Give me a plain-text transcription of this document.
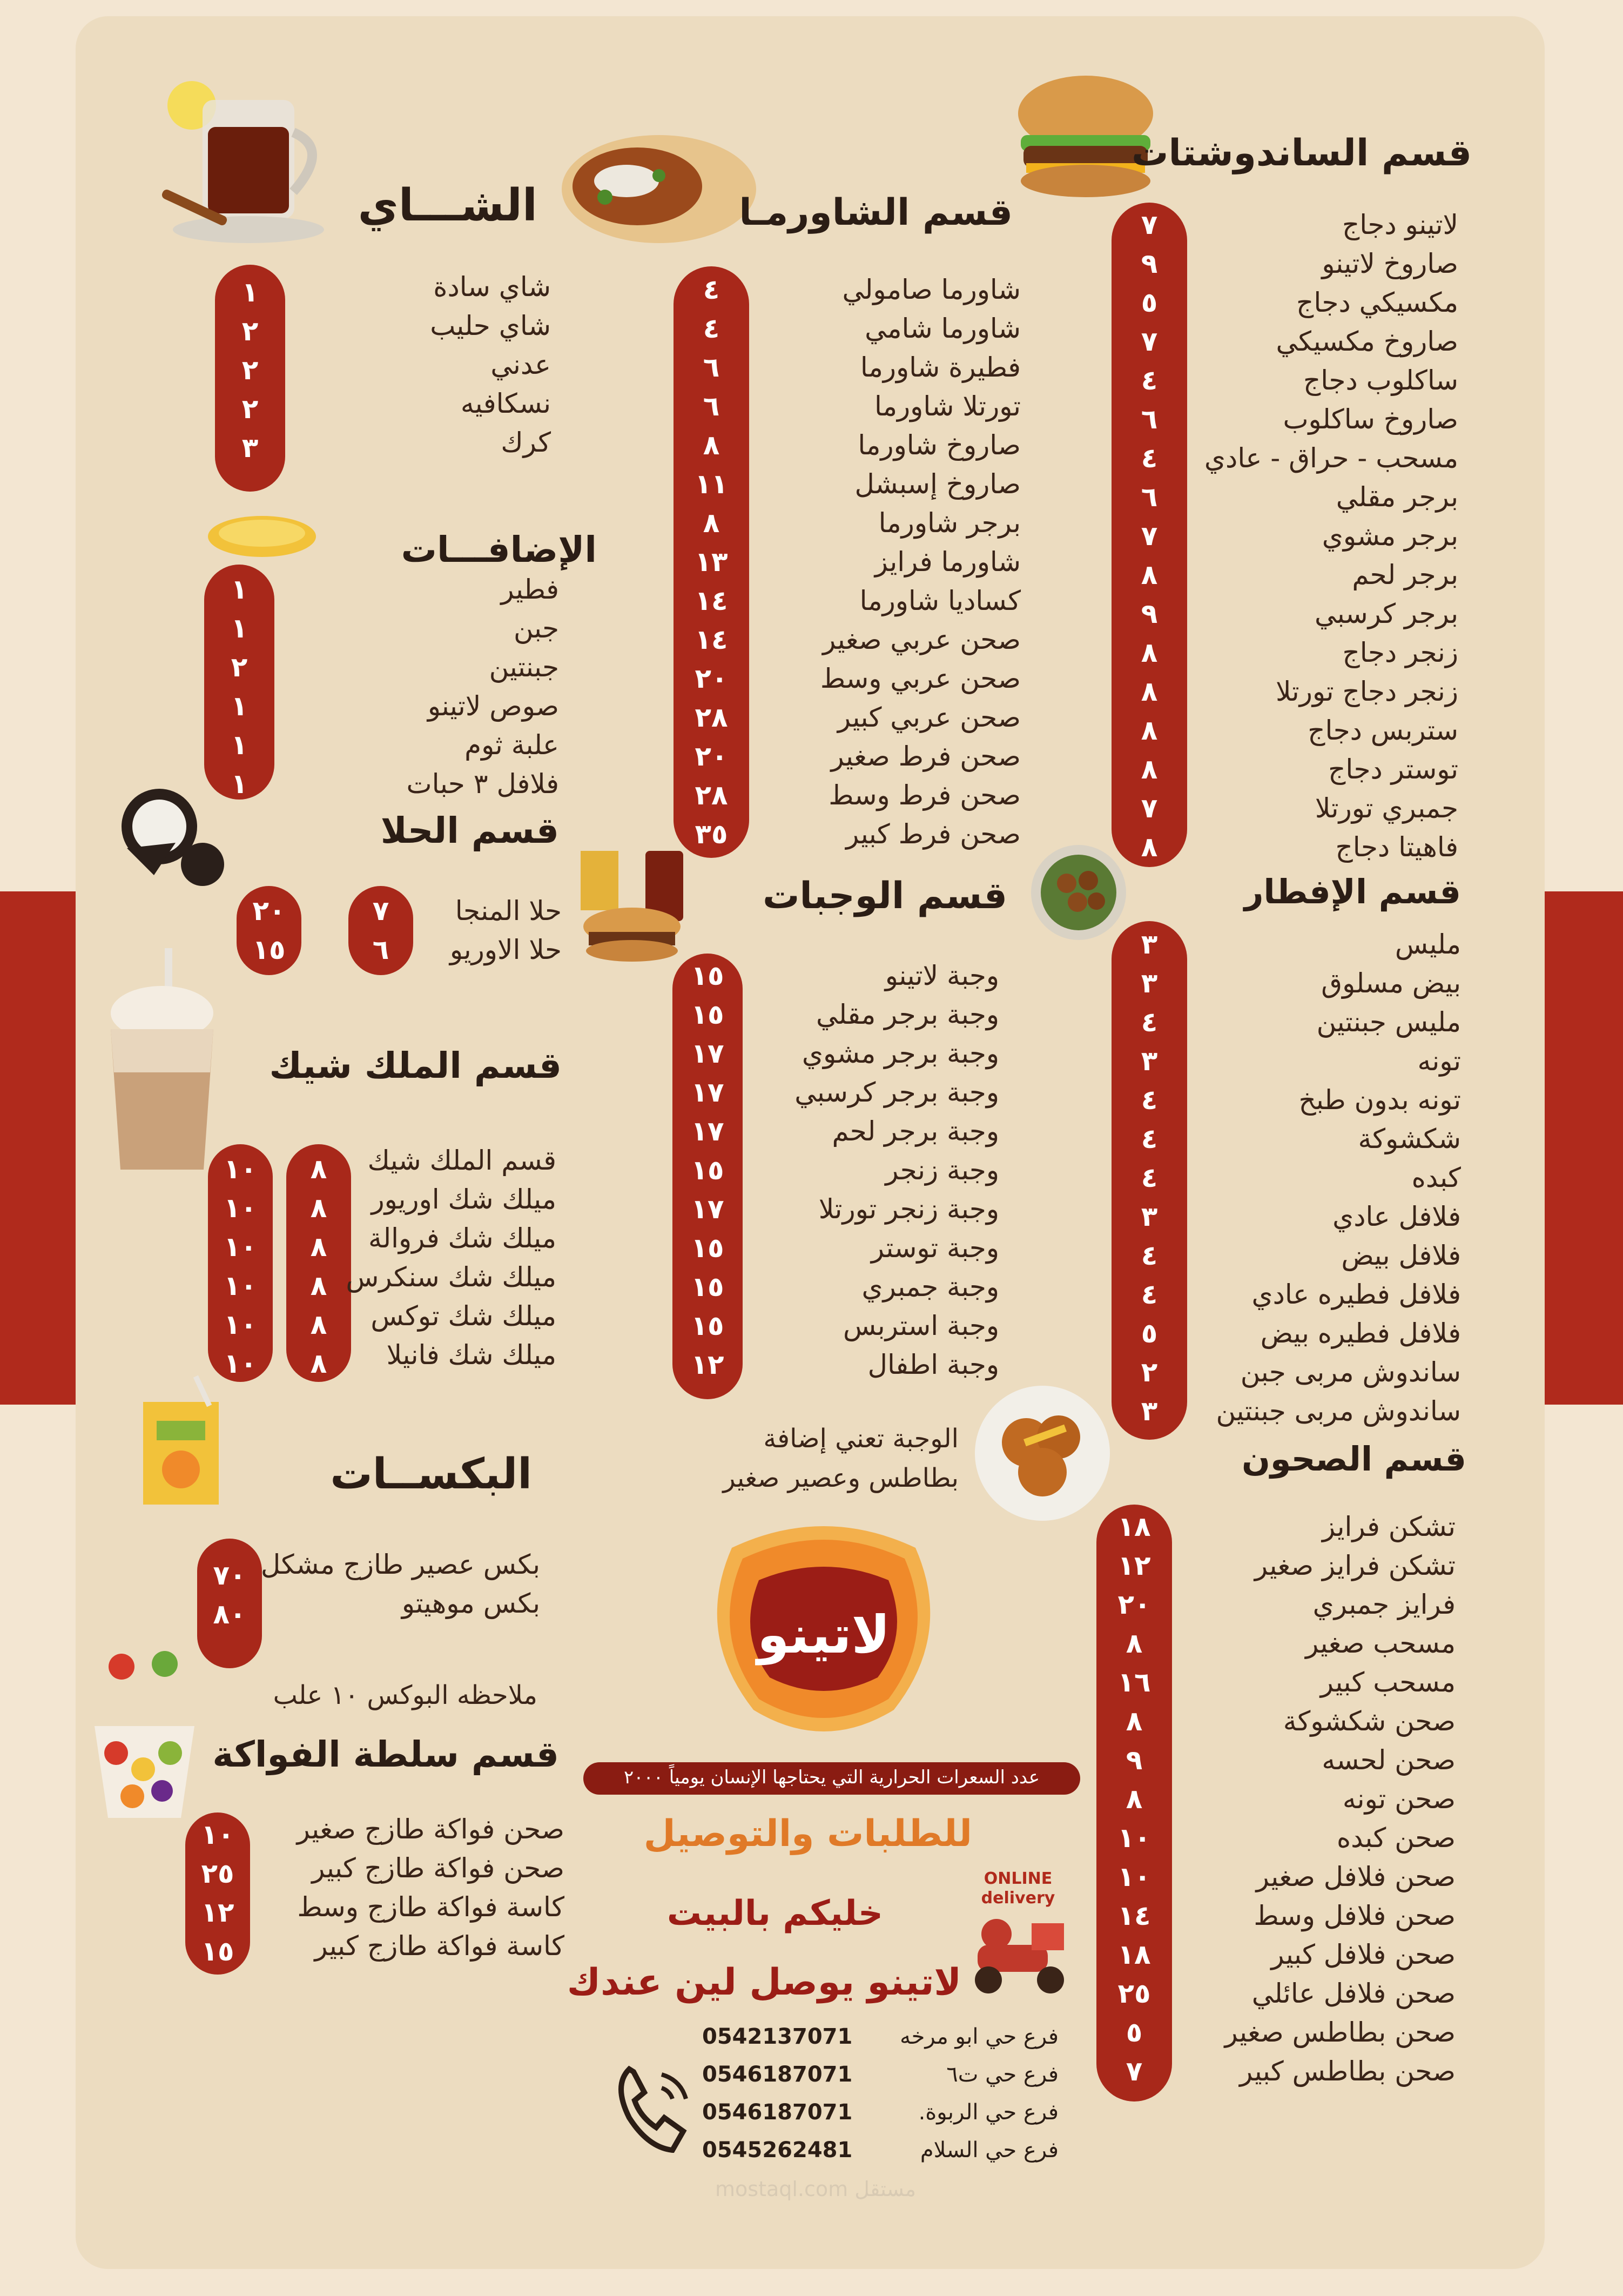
قسم الساندوشتات
٧
٩
٥
٧
٤
٦
٤
٦
٧
٨
٩
٨
٨
٨
٨
٧
٨
لاتينو دجاج
صاروخ لاتينو
مكسيكي دجاج
صاروخ مكسيكي
ساكلوب دجاج
صاروخ ساكلوب
مسحب - حراق - عادي
برجر مقلي
برجر مشوي
برجر لحم
برجر كرسبي
زنجر دجاج
زنجر دجاج تورتلا
ستربس دجاج
توستر دجاج
جمبري تورتلا
فاهيتا دجاج
قسم الإفطار
٣
٣
٤
٣
٤
٤
٤
٣
٤
٤
٥
٢
٣
مليس
بيض مسلوق
مليس جبنتين
تونه
تونه بدون طبخ
شكشوكة
كبده
فلافل عادي
فلافل بيض
فلافل فطيره عادي
فلافل فطيره بيض
ساندوش مربى جبن
ساندوش مربى جبنتين
قسم الصحون
١٨
١٢
٢٠
٨
١٦
٨
٩
٨
١٠
١٠
١٤
١٨
٢٥
٥
٧
تشكن فرايز
تشكن فرايز صغير
فرايز جمبري
مسحب صغير
مسحب كبير
صحن شكشوكة
صحن لحسه
صحن تونه
صحن كبده
صحن فلافل صغير
صحن فلافل وسط
صحن فلافل كبير
صحن فلافل عائلي
صحن بطاطس صغير
صحن بطاطس كبير
قسم الشاورمـا
٤
٤
٦
٦
٨
١١
٨
١٣
١٤
١٤
٢٠
٢٨
٢٠
٢٨
٣٥
شاورما صامولي
شاورما شامي
فطيرة شاورما
تورتلا شاورما
صاروخ شاورما
صاروخ إسبشل
برجر شاورما
شاورما فرايز
كساديا شاورما
صحن عربي صغير
صحن عربي وسط
صحن عربي كبير
صحن فرط صغير
صحن فرط وسط
صحن فرط كبير
قسم الوجبات
١٥
١٥
١٧
١٧
١٧
١٥
١٧
١٥
١٥
١٥
١٢
وجبة لاتينو
وجبة برجر مقلي
وجبة برجر مشوي
وجبة برجر كرسبي
وجبة برجر لحم
وجبة زنجر
وجبة زنجر تورتلا
وجبة توستر
وجبة جمبري
وجبة استربس
وجبة اطفال
الوجبة تعني إضافة
بطاطس وعصير صغير
الشـــاي
١
٢
٢
٢
٣
شاي سادة
شاي حليب
عدني
نسكافيه
كرك
الإضافـــات
١
١
٢
١
١
١
فطير
جبن
جبنتين
صوص لاتينو
علبة ثوم
فلافل ٣ حبات
قسم الحلا
٧
٦
٢٠
١٥
حلا المنجا
حلا الاوريو
قسم الملك شيك
٨
٨
٨
٨
٨
٨
١٠
١٠
١٠
١٠
١٠
١٠
قسم الملك شيك
ميلك شك اوريور
ميلك شك فروالة
ميلك شك سنكرس
ميلك شك توكس
ميلك شك فانيلا
البكســات
٧٠
٨٠
بكس عصير طازج مشكل
بكس موهيتو
ملاحظه البوكس ١٠ علب
قسم سلطة الفواكة
١٠
٢٥
١٢
١٥
صحن فواكة طازج صغير
صحن فواكة طازج كبير
كاسة فواكة طازج وسط
كاسة فواكة طازج كبير
لاتينو
عدد السعرات الحرارية التي يحتاجها الإنسان يومياً ٢٠٠٠
للطلبات والتوصيل
خليكم بالبيت
لاتينو يوصل لين عندك
ONLINE delivery
فرع حي ابو مرخه
0542137071
فرع حي ت٦
0546187071
فرع حي الربوة.
0546187071
فرع حي السلام
0545262481
مستقل mostaql.com
